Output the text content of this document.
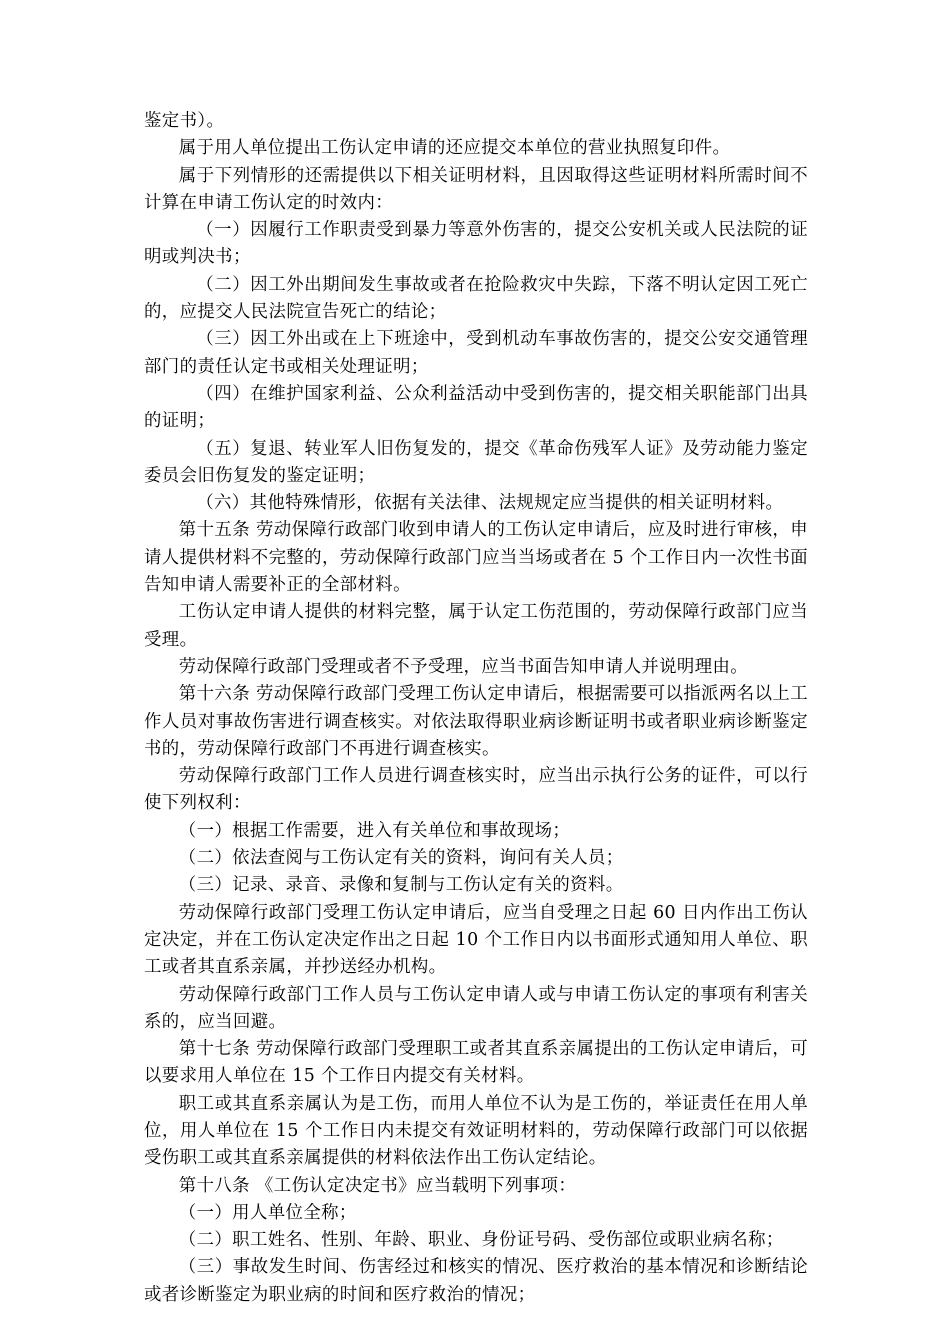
鉴定书）。

属于用人单位提出工伤认定申请的还应提交本单位的营业执照复印件。

属于下列情形的还需提供以下相关证明材料，且因取得这些证明材料所需时间不计算在申请工伤认定的时效内：

（一）因履行工作职责受到暴力等意外伤害的，提交公安机关或人民法院的证明或判决书；

（二）因工外出期间发生事故或者在抢险救灾中失踪，下落不明认定因工死亡的，应提交人民法院宣告死亡的结论；

（三）因工外出或在上下班途中，受到机动车事故伤害的，提交公安交通管理部门的责任认定书或相关处理证明；

（四）在维护国家利益、公众利益活动中受到伤害的，提交相关职能部门出具的证明；

（五）复退、转业军人旧伤复发的，提交《革命伤残军人证》及劳动能力鉴定委员会旧伤复发的鉴定证明；

（六）其他特殊情形，依据有关法律、法规规定应当提供的相关证明材料。

第十五条 劳动保障行政部门收到申请人的工伤认定申请后，应及时进行审核，申请人提供材料不完整的，劳动保障行政部门应当当场或者在 5 个工作日内一次性书面告知申请人需要补正的全部材料。

工伤认定申请人提供的材料完整，属于认定工伤范围的，劳动保障行政部门应当受理。

劳动保障行政部门受理或者不予受理，应当书面告知申请人并说明理由。

第十六条 劳动保障行政部门受理工伤认定申请后，根据需要可以指派两名以上工作人员对事故伤害进行调查核实。对依法取得职业病诊断证明书或者职业病诊断鉴定书的，劳动保障行政部门不再进行调查核实。

劳动保障行政部门工作人员进行调查核实时，应当出示执行公务的证件，可以行使下列权利：

（一）根据工作需要，进入有关单位和事故现场；

（二）依法查阅与工伤认定有关的资料，询问有关人员；

（三）记录、录音、录像和复制与工伤认定有关的资料。

劳动保障行政部门受理工伤认定申请后，应当自受理之日起 60 日内作出工伤认定决定，并在工伤认定决定作出之日起 10 个工作日内以书面形式通知用人单位、职工或者其直系亲属，并抄送经办机构。

劳动保障行政部门工作人员与工伤认定申请人或与申请工伤认定的事项有利害关系的，应当回避。

第十七条 劳动保障行政部门受理职工或者其直系亲属提出的工伤认定申请后，可以要求用人单位在 15 个工作日内提交有关材料。

职工或其直系亲属认为是工伤，而用人单位不认为是工伤的，举证责任在用人单位，用人单位在 15 个工作日内未提交有效证明材料的，劳动保障行政部门可以依据受伤职工或其直系亲属提供的材料依法作出工伤认定结论。

第十八条 《工伤认定决定书》应当载明下列事项：

（一）用人单位全称；

（二）职工姓名、性别、年龄、职业、身份证号码、受伤部位或职业病名称；

（三）事故发生时间、伤害经过和核实的情况、医疗救治的基本情况和诊断结论或者诊断鉴定为职业病的时间和医疗救治的情况；
